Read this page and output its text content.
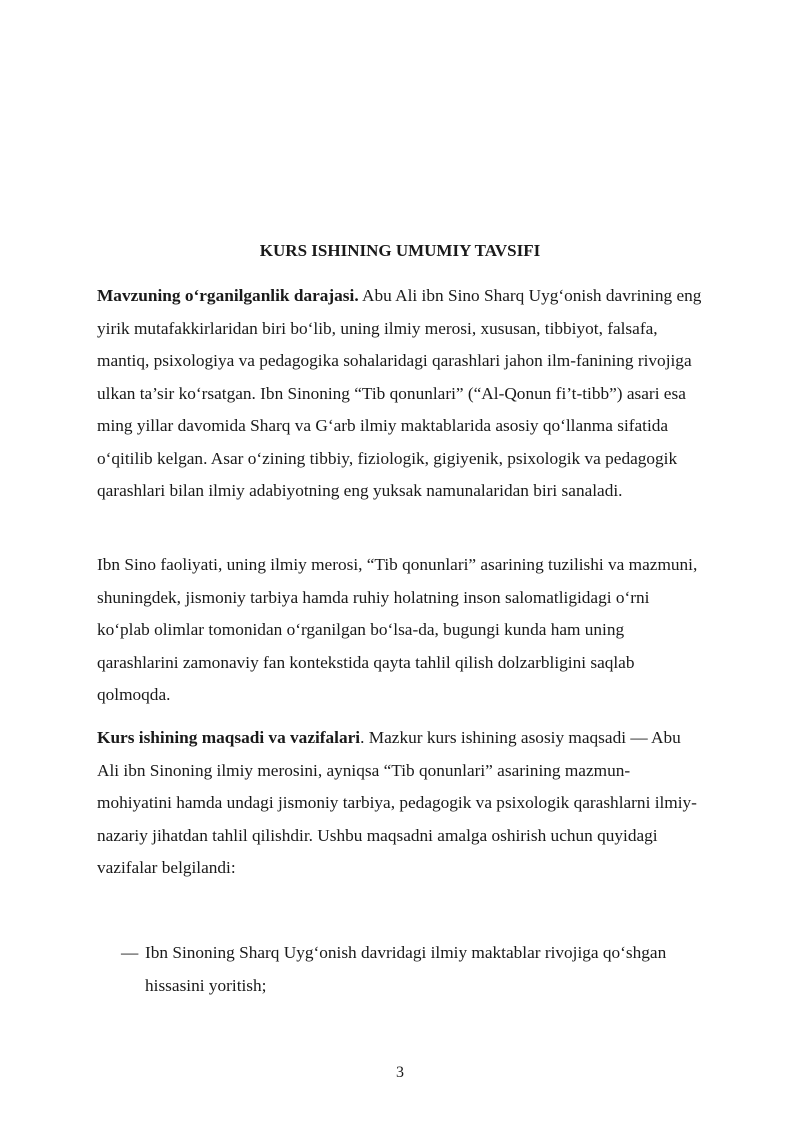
KURS ISHINING UMUMIY TAVSIFI

Mavzuning o‘rganilganlik darajasi. Abu Ali ibn Sino Sharq Uyg‘onish davrining eng yirik mutafakkirlaridan biri bo‘lib, uning ilmiy merosi, xususan, tibbiyot, falsafa, mantiq, psixologiya va pedagogika sohalaridagi qarashlari jahon ilm-fanining rivojiga ulkan ta’sir ko‘rsatgan. Ibn Sinoning “Tib qonunlari” (“Al-Qonun fi’t-tibb”) asari esa ming yillar davomida Sharq va G‘arb ilmiy maktablarida asosiy qo‘llanma sifatida o‘qitilib kelgan. Asar o‘zining tibbiy, fiziologik, gigiyenik, psixologik va pedagogik qarashlari bilan ilmiy adabiyotning eng yuksak namunalaridan biri sanaladi.

Ibn Sino faoliyati, uning ilmiy merosi, “Tib qonunlari” asarining tuzilishi va mazmuni, shuningdek, jismoniy tarbiya hamda ruhiy holatning inson salomatligidagi o‘rni ko‘plab olimlar tomonidan o‘rganilgan bo‘lsa-da, bugungi kunda ham uning qarashlarini zamonaviy fan kontekstida qayta tahlil qilish dolzarbligini saqlab qolmoqda.

Kurs ishining maqsadi va vazifalari. Mazkur kurs ishining asosiy maqsadi — Abu Ali ibn Sinoning ilmiy merosini, ayniqsa “Tib qonunlari” asarining mazmun-mohiyatini hamda undagi jismoniy tarbiya, pedagogik va psixologik qarashlarni ilmiy-nazariy jihatdan tahlil qilishdir. Ushbu maqsadni amalga oshirish uchun quyidagi vazifalar belgilandi:

— Ibn Sinoning Sharq Uyg‘onish davridagi ilmiy maktablar rivojiga qo‘shgan hissasini yoritish;
3
